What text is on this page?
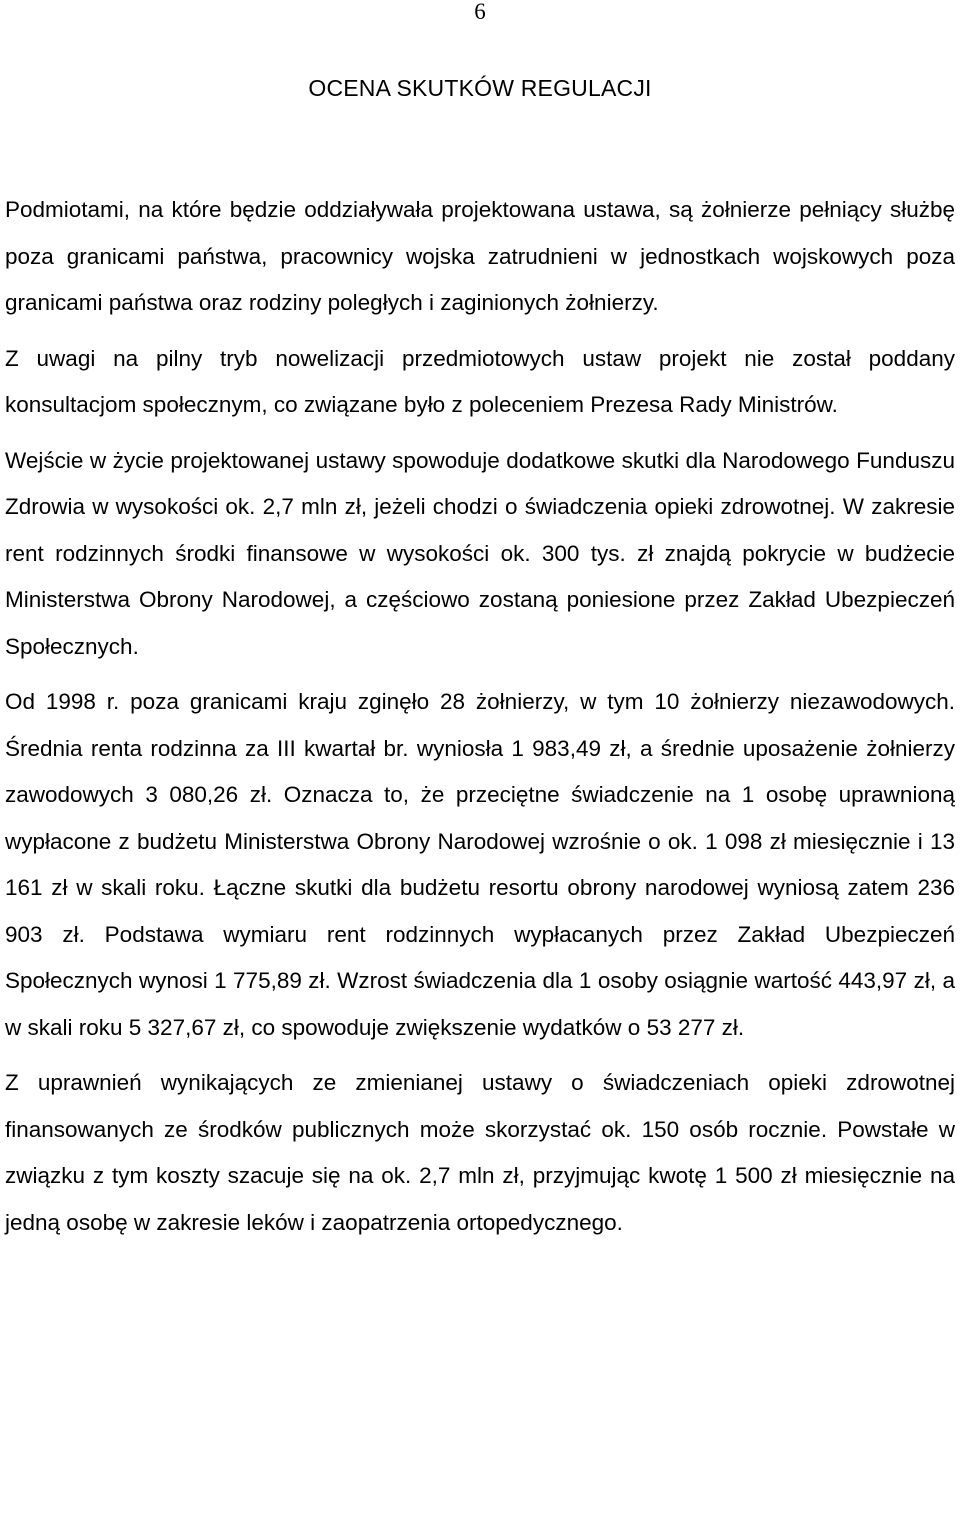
6
OCENA SKUTKÓW REGULACJI

Podmiotami, na które będzie oddziaływała projektowana ustawa, są żołnierze pełniący służbę poza granicami państwa, pracownicy wojska zatrudnieni w jednostkach wojskowych poza granicami państwa oraz rodziny poległych i zaginionych żołnierzy.

Z uwagi na pilny tryb nowelizacji przedmiotowych ustaw projekt nie został poddany konsultacjom społecznym, co związane było z poleceniem Prezesa Rady Ministrów.

Wejście w życie projektowanej ustawy spowoduje dodatkowe skutki dla Narodowego Funduszu Zdrowia w wysokości ok. 2,7 mln zł, jeżeli chodzi o świadczenia opieki zdrowotnej. W zakresie rent rodzinnych środki finansowe w wysokości ok. 300 tys. zł znajdą pokrycie w budżecie Ministerstwa Obrony Narodowej, a częściowo zostaną poniesione przez Zakład Ubezpieczeń Społecznych.

Od 1998 r. poza granicami kraju zginęło 28 żołnierzy, w tym 10 żołnierzy niezawodowych. Średnia renta rodzinna za III kwartał br. wyniosła 1 983,49 zł, a średnie uposażenie żołnierzy zawodowych 3 080,26 zł. Oznacza to, że przeciętne świadczenie na 1 osobę uprawnioną wypłacone z budżetu Ministerstwa Obrony Narodowej wzrośnie o ok. 1 098 zł miesięcznie i 13 161 zł w skali roku. Łączne skutki dla budżetu resortu obrony narodowej wyniosą zatem 236 903 zł. Podstawa wymiaru rent rodzinnych wypłacanych przez Zakład Ubezpieczeń Społecznych wynosi 1 775,89 zł. Wzrost świadczenia dla 1 osoby osiągnie wartość 443,97 zł, a w skali roku 5 327,67 zł, co spowoduje zwiększenie wydatków o 53 277 zł.

Z uprawnień wynikających ze zmienianej ustawy o świadczeniach opieki zdrowotnej finansowanych ze środków publicznych może skorzystać ok. 150 osób rocznie. Powstałe w związku z tym koszty szacuje się na ok. 2,7 mln zł, przyjmując kwotę 1 500 zł miesięcznie na jedną osobę w zakresie leków i zaopatrzenia ortopedycznego.
